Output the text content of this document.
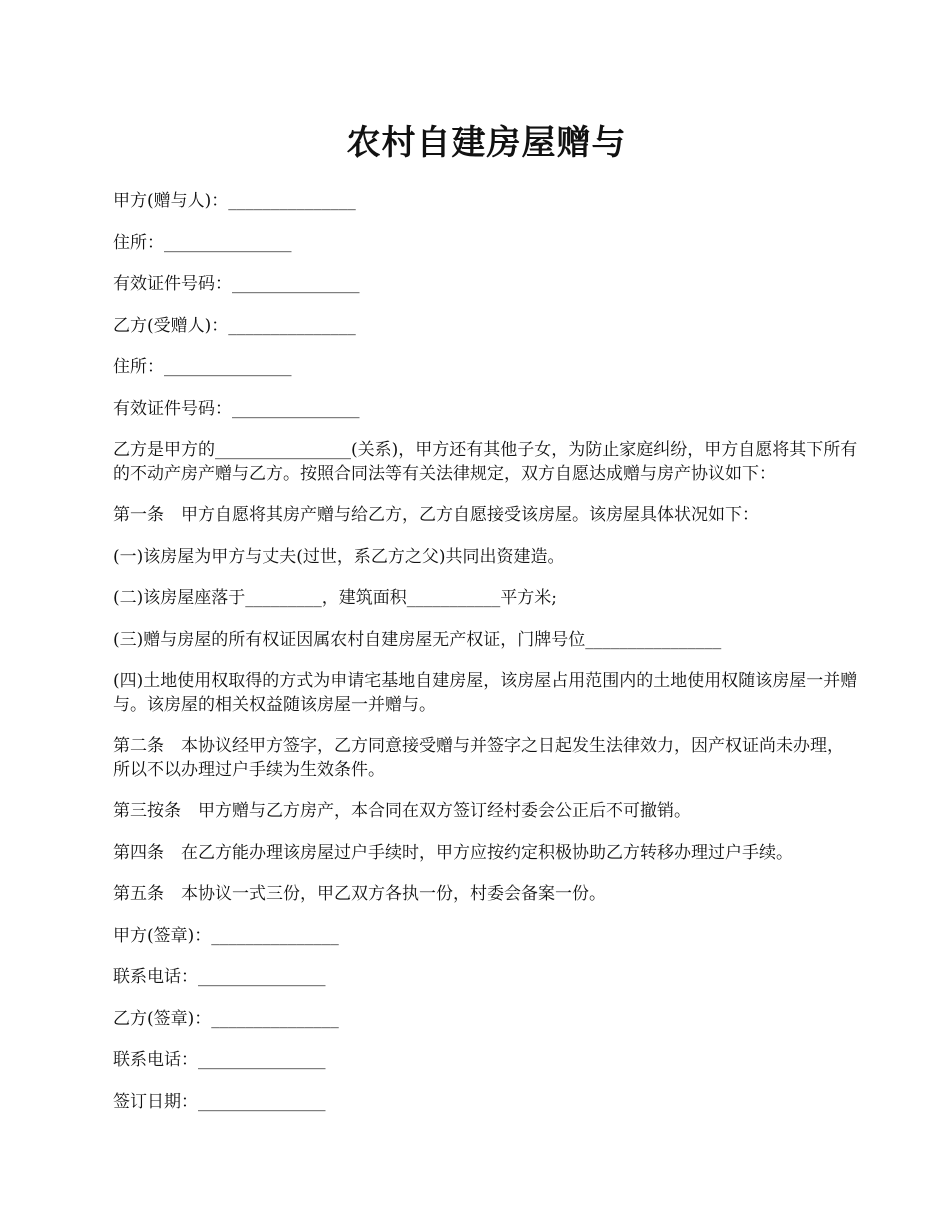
农村自建房屋赠与

甲方(赠与人)：_______________

住所：_______________

有效证件号码：_______________

乙方(受赠人)：_______________

住所：_______________

有效证件号码：_______________

乙方是甲方的________________(关系)，甲方还有其他子女，为防止家庭纠纷，甲方自愿将其下所有的不动产房产赠与乙方。按照合同法等有关法律规定，双方自愿达成赠与房产协议如下：

第一条　甲方自愿将其房产赠与给乙方，乙方自愿接受该房屋。该房屋具体状况如下：

(一)该房屋为甲方与丈夫(过世，系乙方之父)共同出资建造。

(二)该房屋座落于_________，建筑面积___________平方米;

(三)赠与房屋的所有权证因属农村自建房屋无产权证，门牌号位________________

(四)土地使用权取得的方式为申请宅基地自建房屋，该房屋占用范围内的土地使用权随该房屋一并赠与。该房屋的相关权益随该房屋一并赠与。

第二条　本协议经甲方签字，乙方同意接受赠与并签字之日起发生法律效力，因产权证尚未办理，所以不以办理过户手续为生效条件。

第三按条　甲方赠与乙方房产，本合同在双方签订经村委会公正后不可撤销。

第四条　在乙方能办理该房屋过户手续时，甲方应按约定积极协助乙方转移办理过户手续。

第五条　本协议一式三份，甲乙双方各执一份，村委会备案一份。

甲方(签章)：_______________

联系电话：_______________

乙方(签章)：_______________

联系电话：_______________

签订日期：_______________
